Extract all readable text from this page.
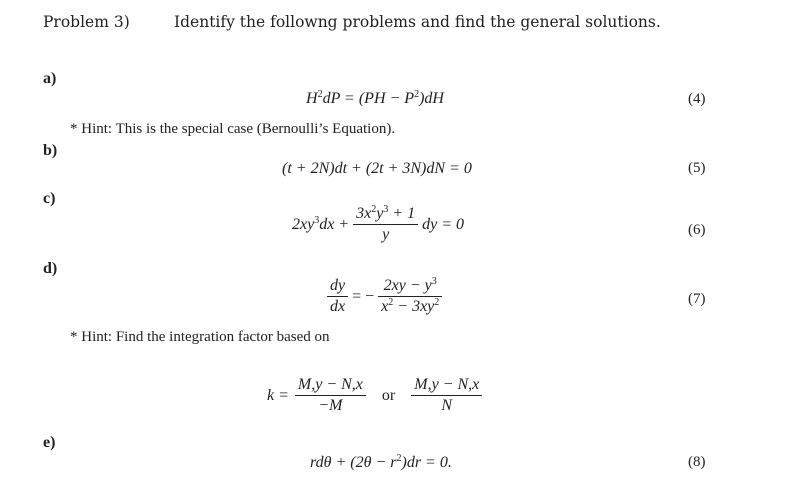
Problem 3)	Identify the followng problems and find the general solutions.
a)
$H^2dP = (PH - P^2)dH$	(4)
* Hint: This is the special case (Bernoulli’s Equation).
b)
(t + 2N)dt + (2t + 3N)dN = 0	(5)
c)
$2xy^3dx + \frac{3x^2y^3 + 1}{y}$ dy = 0	(6)
d)
$\frac{dy}{dx}$ = − $\frac{2xy - y^3}{x^2 - 3xy^2}$	(7)
* Hint: Find the integration factor based on
$k = \frac{M,y - N,x}{-M}$ or $\frac{M,y - N,x}{N}$
e)
$rd\theta + (2\theta - r^2)dr = 0$.	(8)
